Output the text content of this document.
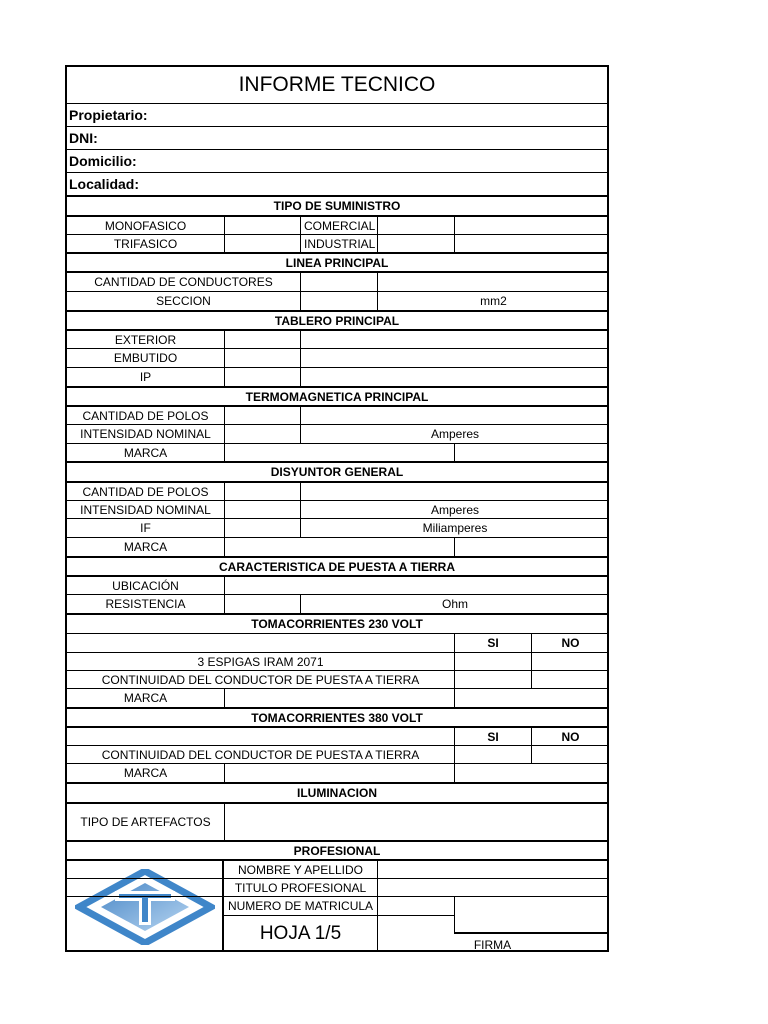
INFORME TECNICO
Propietario:
DNI:
Domicilio:
Localidad:
TIPO DE SUMINISTRO
MONOFASICO	COMERCIAL
TRIFASICO	INDUSTRIAL
LINEA PRINCIPAL
CANTIDAD DE CONDUCTORES
SECCION	mm2
TABLERO PRINCIPAL
EXTERIOR
EMBUTIDO
IP
TERMOMAGNETICA PRINCIPAL
CANTIDAD DE POLOS
INTENSIDAD NOMINAL	Amperes
MARCA
DISYUNTOR GENERAL
CANTIDAD DE POLOS
INTENSIDAD NOMINAL	Amperes
IF	Miliamperes
MARCA
CARACTERISTICA DE PUESTA A TIERRA
UBICACIÓN
RESISTENCIA	Ohm
TOMACORRIENTES 230 VOLT
SI	NO
3 ESPIGAS IRAM 2071
CONTINUIDAD DEL CONDUCTOR DE PUESTA A TIERRA
MARCA
TOMACORRIENTES 380 VOLT
SI	NO
CONTINUIDAD DEL CONDUCTOR DE PUESTA A TIERRA
MARCA
ILUMINACION
TIPO DE ARTEFACTOS
PROFESIONAL
NOMBRE Y APELLIDO
TITULO PROFESIONAL
NUMERO DE MATRICULA
HOJA 1/5
FIRMA
